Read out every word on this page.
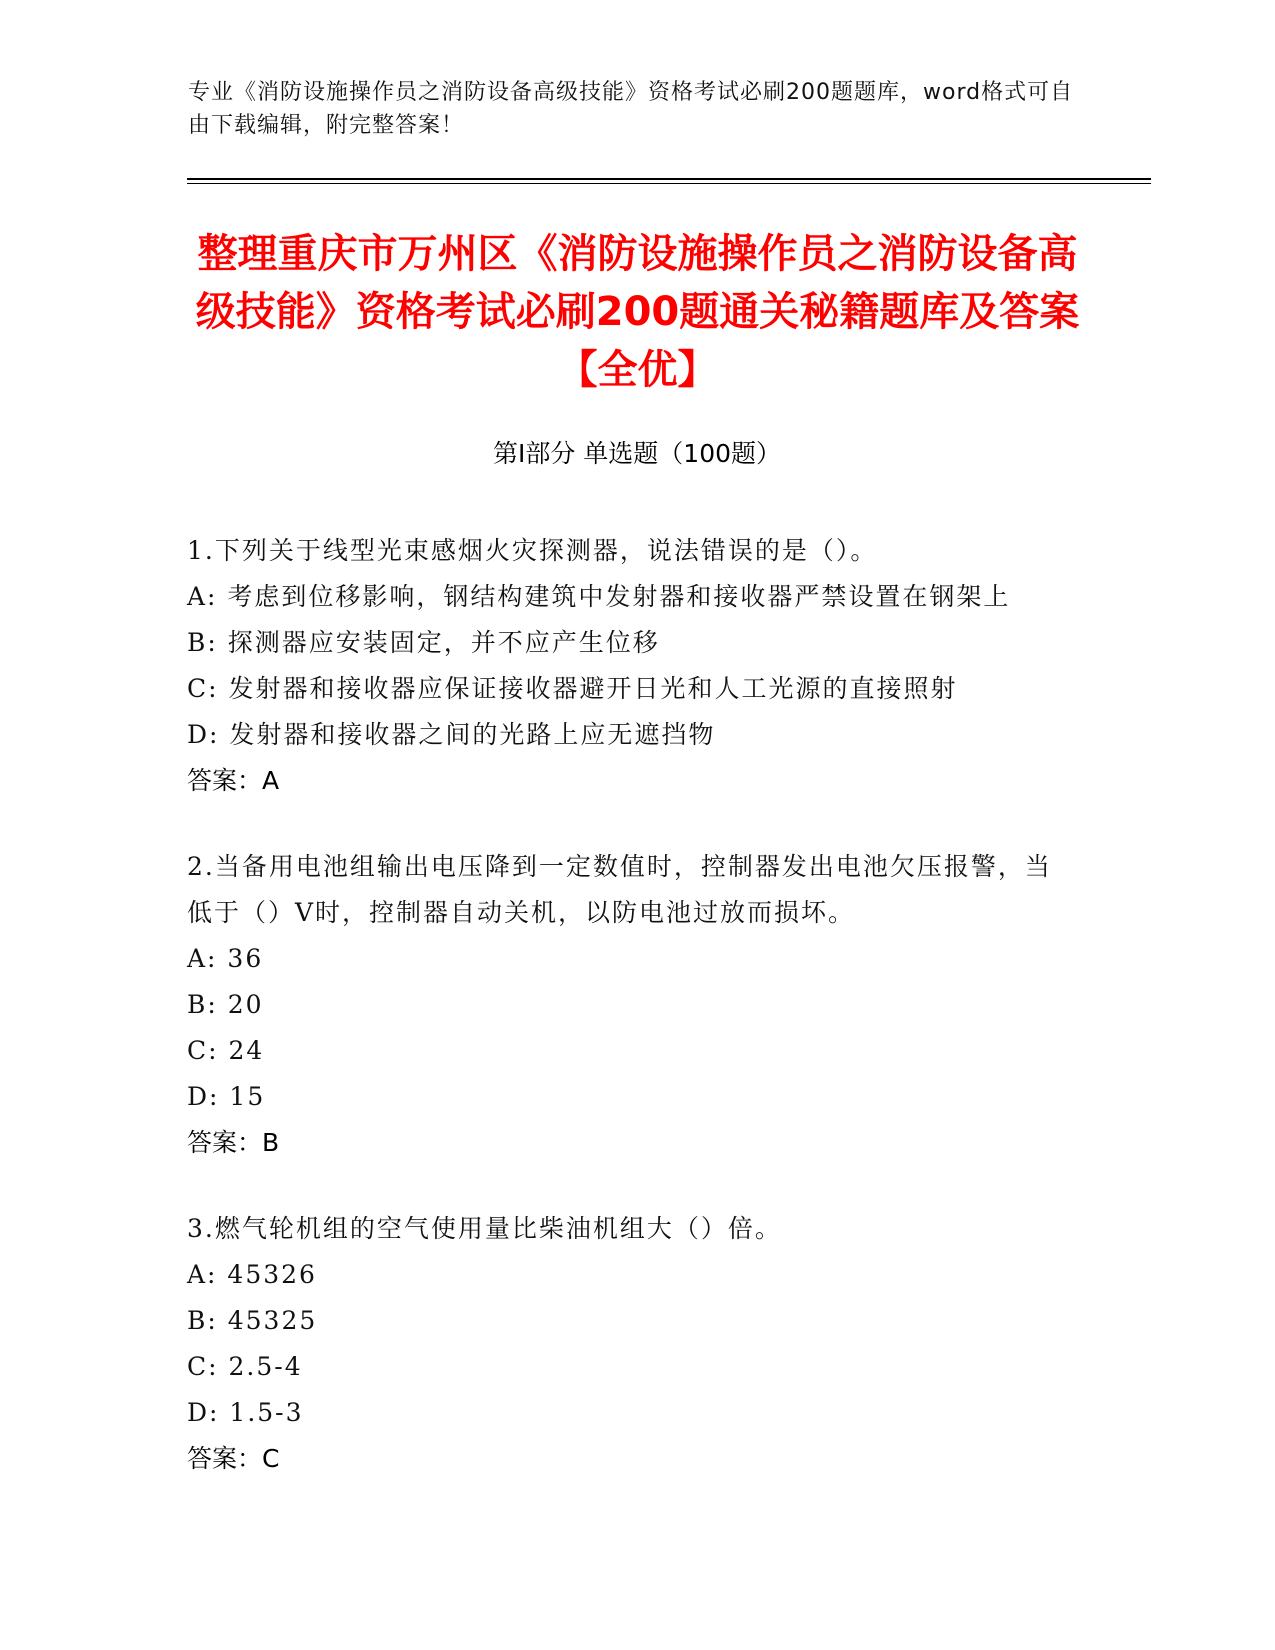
专业《消防设施操作员之消防设备高级技能》资格考试必刷200题题库，word格式可自由下载编辑，附完整答案！
整理重庆市万州区《消防设施操作员之消防设备高级技能》资格考试必刷200题通关秘籍题库及答案【全优】
第Ⅰ部分 单选题（100题）
1.下列关于线型光束感烟火灾探测器，说法错误的是（）。
A: 考虑到位移影响，钢结构建筑中发射器和接收器严禁设置在钢架上
B: 探测器应安装固定，并不应产生位移
C: 发射器和接收器应保证接收器避开日光和人工光源的直接照射
D: 发射器和接收器之间的光路上应无遮挡物
答案：A
2.当备用电池组输出电压降到一定数值时，控制器发出电池欠压报警，当低于（）V时，控制器自动关机，以防电池过放而损坏。
A: 36
B: 20
C: 24
D: 15
答案：B
3.燃气轮机组的空气使用量比柴油机组大（）倍。
A: 45326
B: 45325
C: 2.5-4
D: 1.5-3
答案：C
